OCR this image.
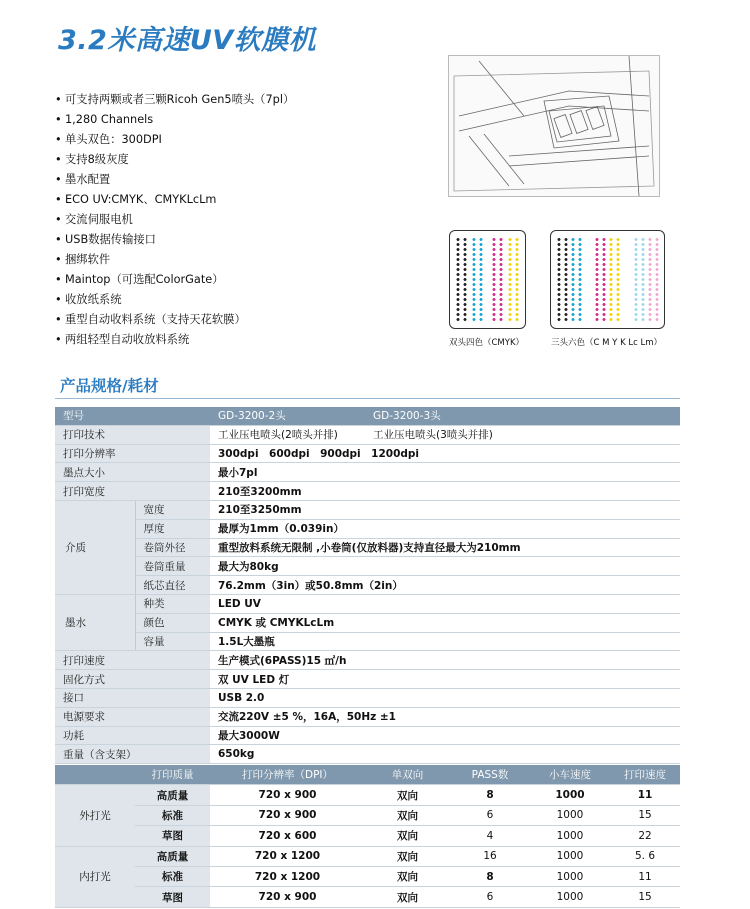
3.2米高速UV软膜机
• 可支持两颗或者三颗Ricoh Gen5喷头（7pl）
• 1,280 Channels
• 单头双色：300DPI
• 支持8级灰度
• 墨水配置
• ECO UV:CMYK、CMYKLcLm
• 交流伺服电机
• USB数据传输接口
• 捆绑软件
• Maintop（可选配ColorGate）
• 收放纸系统
• 重型自动收料系统（支持天花软膜）
• 两组轻型自动收放料系统	双头四色（CMYK）	三头六色（C M Y K Lc Lm）
产品规格/耗材
型号		GD-3200-2头	GD-3200-3头
打印技术		工业压电喷头(2喷头并排)	工业压电喷头(3喷头并排)
打印分辨率		300dpi　600dpi　900dpi　1200dpi	
墨点大小		最小7pl	
打印宽度		210至3200mm	
介质	宽度	210至3250mm	
	厚度	最厚为1mm（0.039in）	
	卷筒外径	重型放料系统无限制 ,小卷筒(仅放料器)支持直径最大为210mm	
	卷筒重量	最大为80kg	
	纸芯直径	76.2mm（3in）或50.8mm（2in）	
墨水	种类	LED UV	
	颜色	CMYK 或 CMYKLcLm	
	容量	1.5L大墨瓶	
打印速度		生产模式(6PASS)15 ㎡/h	
固化方式		双 UV LED 灯	
接口		USB 2.0	
电源要求		交流220V ±5 %，16A，50Hz ±1	
功耗		最大3000W	
重量（含支架）		650kg	
	打印质量	打印分辨率（DPI）	单双向	PASS数	小车速度	打印速度
外打光	高质量	720 x 900	双向	8	1000	11
	标准	720 x 900	双向	6	1000	15
	草图	720 x 600	双向	4	1000	22
内打光	高质量	720 x 1200	双向	16	1000	5. 6
	标准	720 x 1200	双向	8	1000	11
	草图	720 x 900	双向	6	1000	15
